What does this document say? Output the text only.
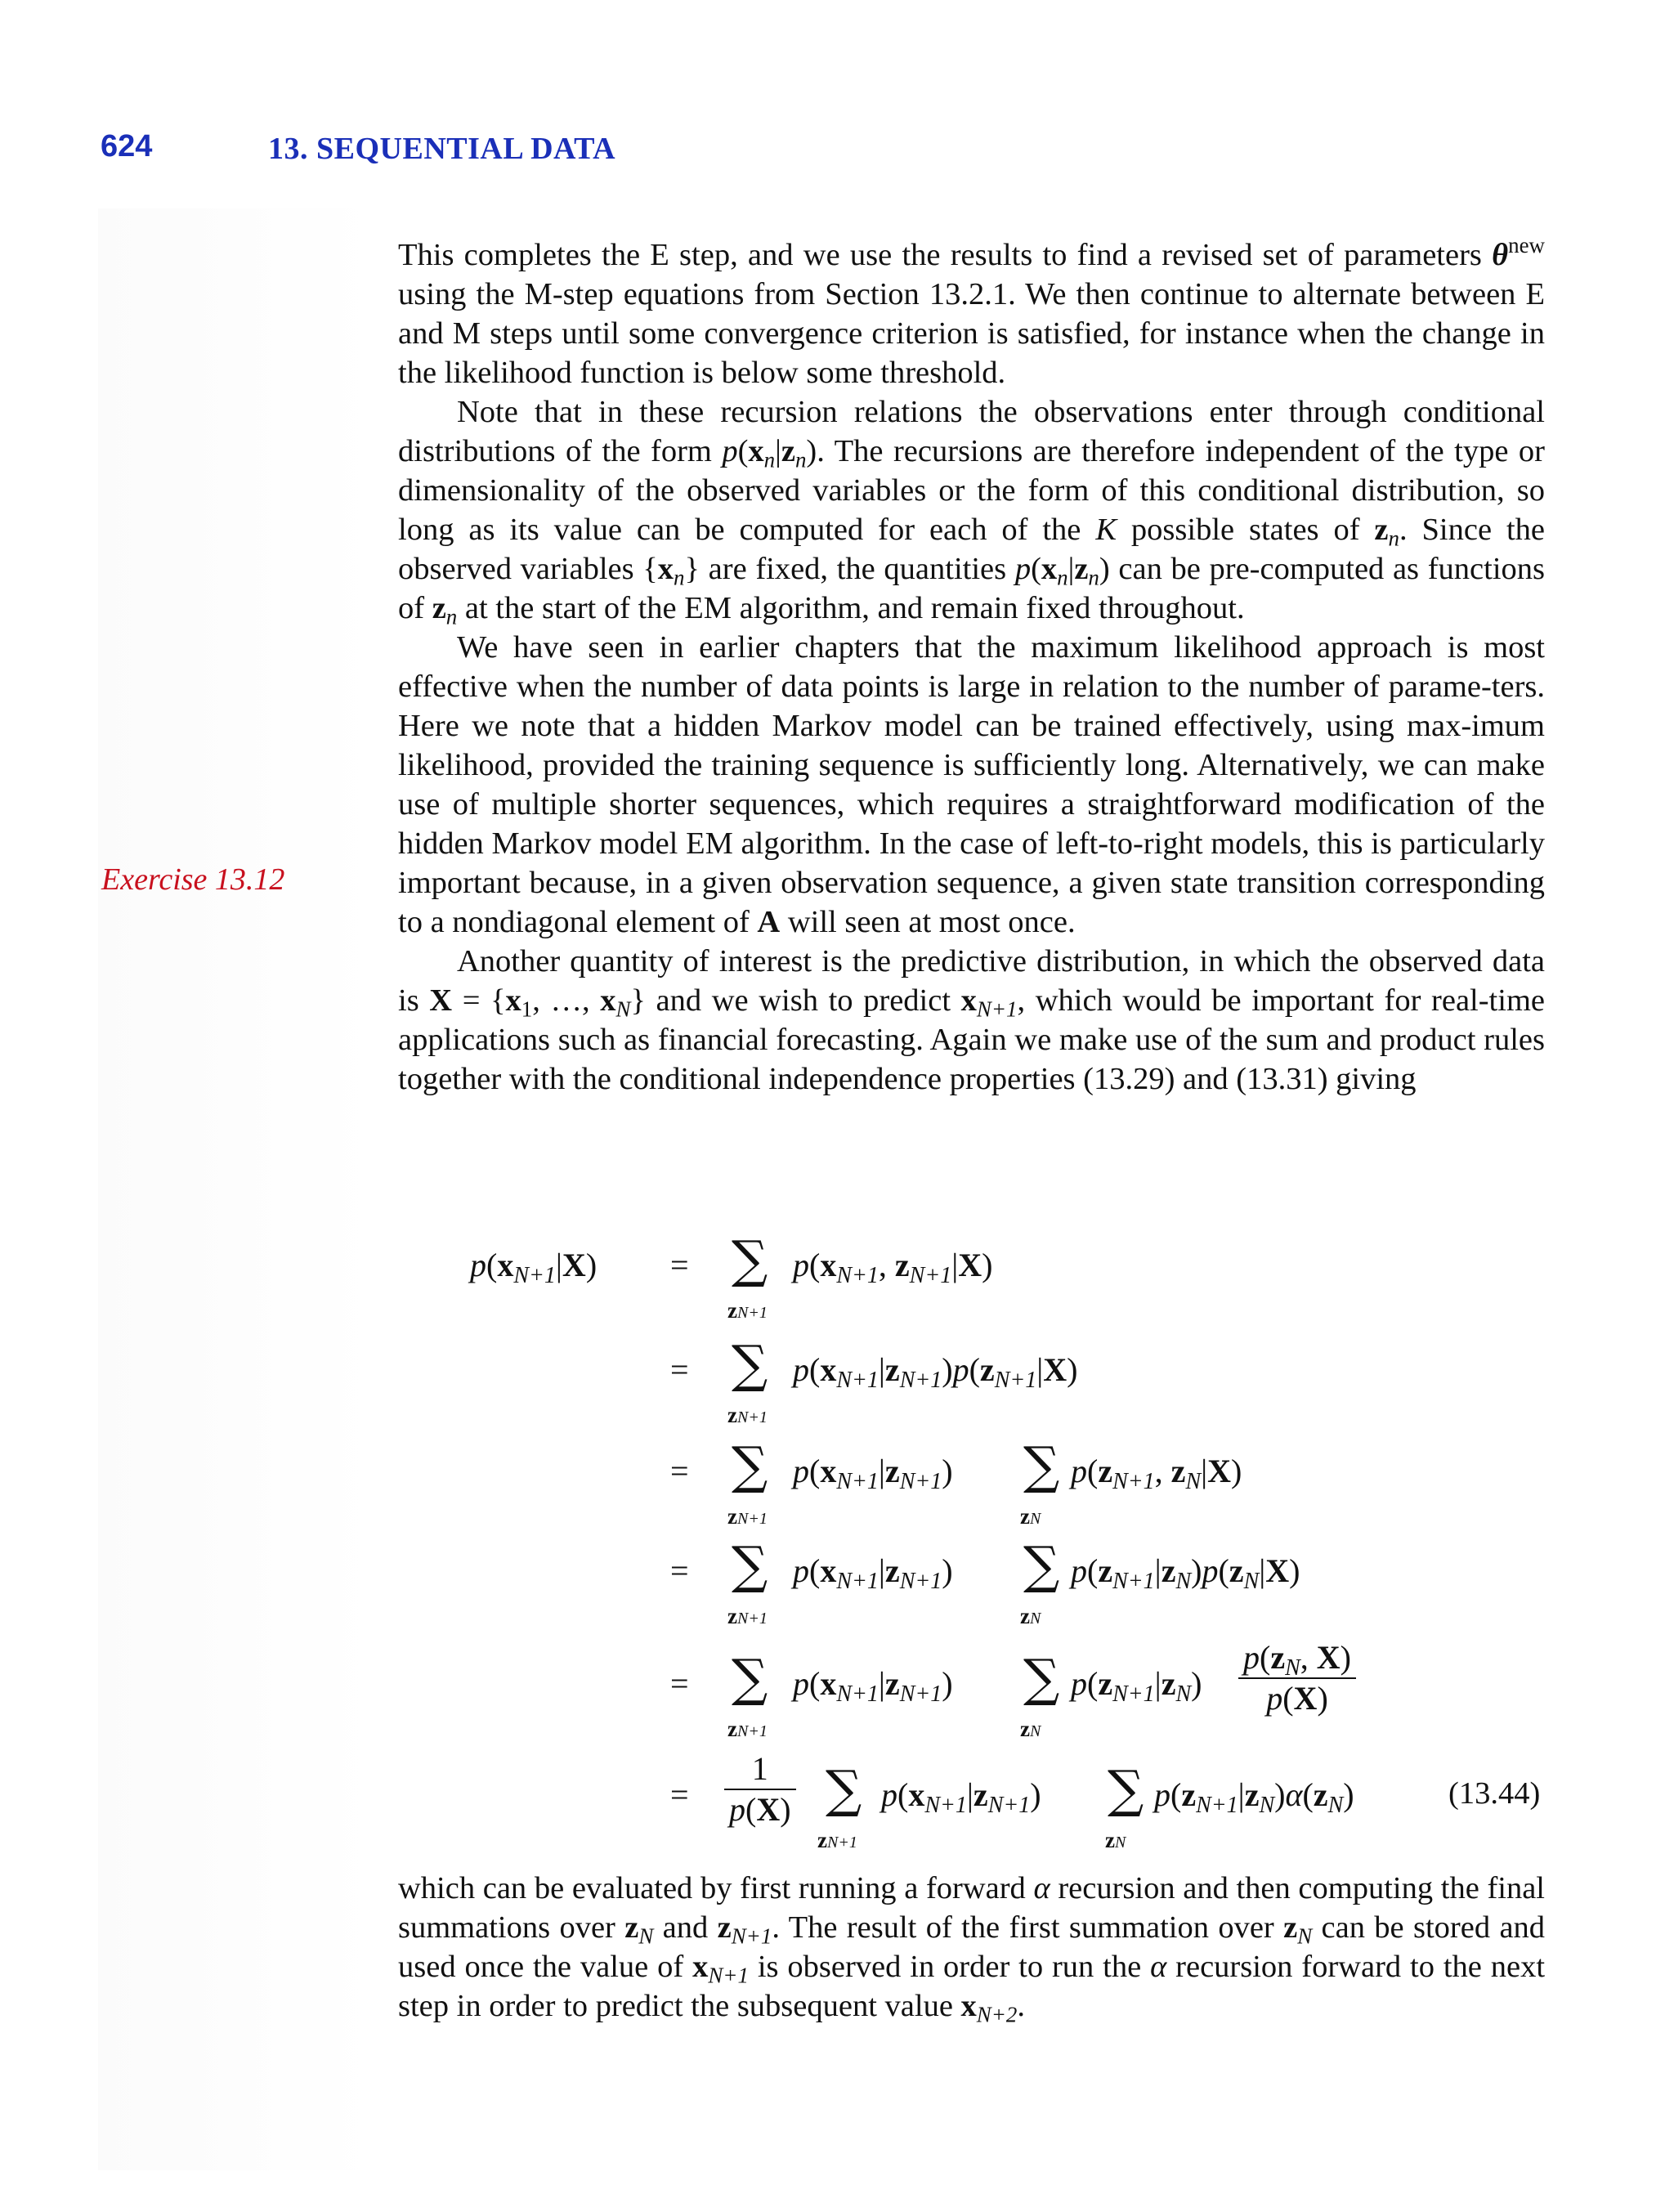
624	13. SEQUENTIAL DATA
Exercise 13.12

This completes the E step, and we use the results to find a revised set of parameters $\theta^{new}$ using the M-step equations from Section 13.2.1. We then continue to alternate between E and M steps until some convergence criterion is satisfied, for instance when the change in the likelihood function is below some threshold.

Note that in these recursion relations the observations enter through conditional distributions of the form $p(x_n|z_n)$. The recursions are therefore independent of the type or dimensionality of the observed variables or the form of this conditional distribution, so long as its value can be computed for each of the K possible states of $z_n$. Since the observed variables $\{x_n\}$ are fixed, the quantities $p(x_n|z_n)$ can be pre-computed as functions of $z_n$ at the start of the EM algorithm, and remain fixed throughout.

We have seen in earlier chapters that the maximum likelihood approach is most effective when the number of data points is large in relation to the number of parame-ters. Here we note that a hidden Markov model can be trained effectively, using max-imum likelihood, provided the training sequence is sufficiently long. Alternatively, we can make use of multiple shorter sequences, which requires a straightforward modification of the hidden Markov model EM algorithm. In the case of left-to-right models, this is particularly important because, in a given observation sequence, a given state transition corresponding to a nondiagonal element of A will seen at most once.

Another quantity of interest is the predictive distribution, in which the observed data is $X = \{x_1$, …, $x_N$} and we wish to predict $x_{N+1}$, which would be important for real-time applications such as financial forecasting. Again we make use of the sum and product rules together with the conditional independence properties (13.29) and (13.31) giving

$p(x_{N+1}|X)$ = ∑
zN+1
$p(x_{N+1}$, $z_{N+1}|X$)
= ∑
zN+1
$p(x_{N+1}|z_{N+1})p(z_{N+1}|X)$
= ∑
zN+1
$p(x_{N+1}|z_{N+1})$ ∑
zN
$p(z_{N+1}$, $z_N|X$)
= ∑
zN+1
$p(x_{N+1}|z_{N+1})$ ∑
zN
$p(z_{N+1}|z_N)p(z_N|X)$
= ∑
zN+1
$p(x_{N+1}|z_{N+1})$ ∑
zN
$p(z_{N+1}|z_N) \frac{p(z_N, X)}{p(X)}$
= $\frac{1}{p(X)}$ ∑
zN+1
$p(x_{N+1}|z_{N+1})$ ∑
zN
$p(z_{N+1}|z_N)\alpha(z_N)$	(13.44)

which can be evaluated by first running a forward α recursion and then computing the final summations over $z_N$ and $z_{N+1}$. The result of the first summation over $z_N$ can be stored and used once the value of $x_{N+1}$ is observed in order to run the α recursion forward to the next step in order to predict the subsequent value $x_{N+2}$.
